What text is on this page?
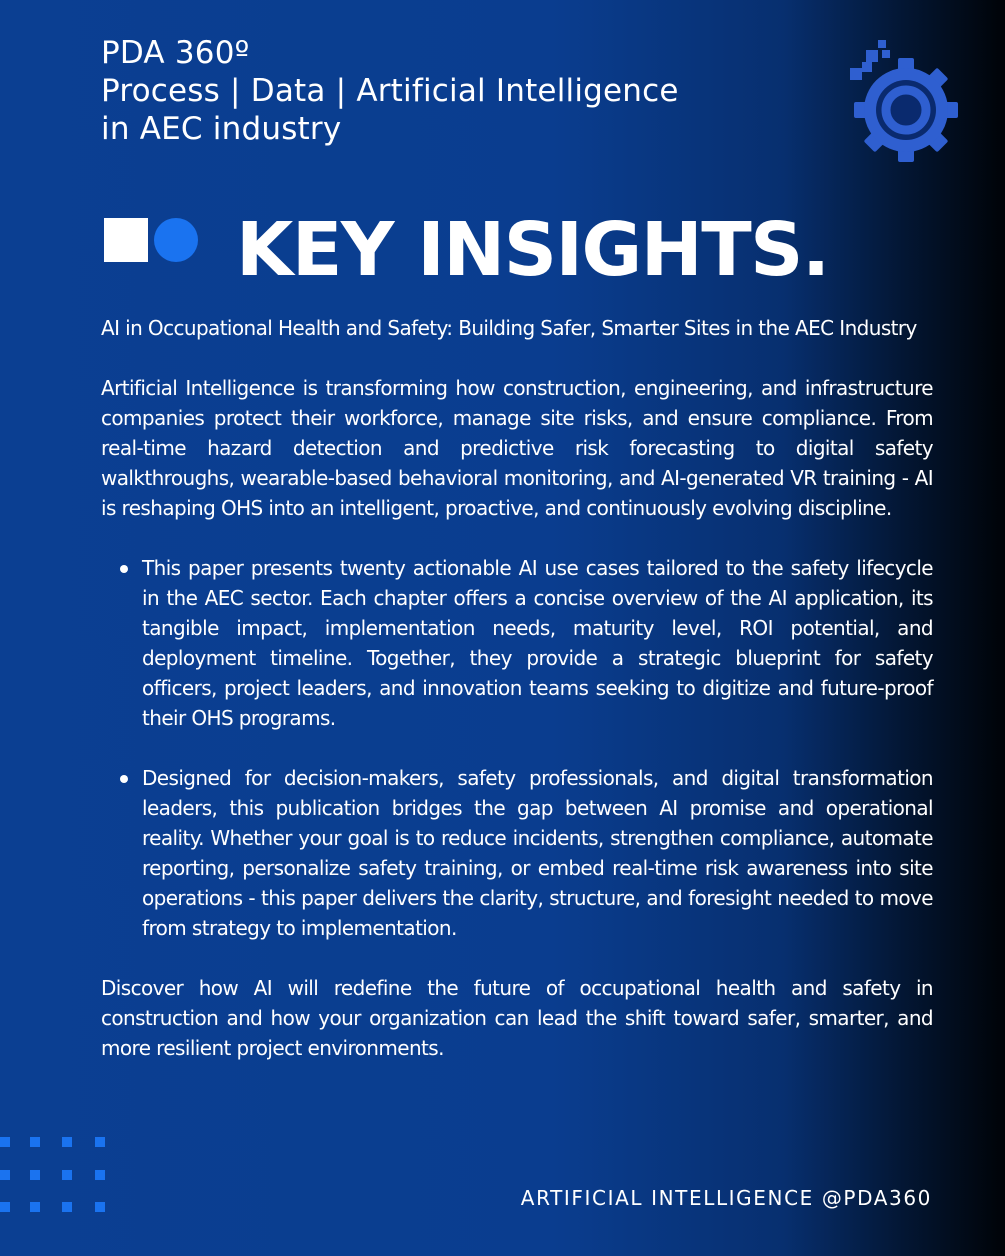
PDA 360º
Process | Data | Artificial Intelligence
in AEC industry
KEY INSIGHTS.

AI in Occupational Health and Safety: Building Safer, Smarter Sites in the AEC Industry

Artificial Intelligence is transforming how construction, engineering, and infrastructure companies protect their workforce, manage site risks, and ensure compliance. From real-time hazard detection and predictive risk forecasting to digital safety walkthroughs, wearable-based behavioral monitoring, and AI-generated VR training - AI is reshaping OHS into an intelligent, proactive, and continuously evolving discipline.

This paper presents twenty actionable AI use cases tailored to the safety lifecycle in the AEC sector. Each chapter offers a concise overview of the AI application, its tangible impact, implementation needs, maturity level, ROI potential, and deployment timeline. Together, they provide a strategic blueprint for safety officers, project leaders, and innovation teams seeking to digitize and future-proof their OHS programs.
Designed for decision-makers, safety professionals, and digital transformation leaders, this publication bridges the gap between AI promise and operational reality. Whether your goal is to reduce incidents, strengthen compliance, automate reporting, personalize safety training, or embed real-time risk awareness into site operations - this paper delivers the clarity, structure, and foresight needed to move from strategy to implementation.

Discover how AI will redefine the future of occupational health and safety in construction and how your organization can lead the shift toward safer, smarter, and more resilient project environments.

ARTIFICIAL INTELLIGENCE @PDA360
